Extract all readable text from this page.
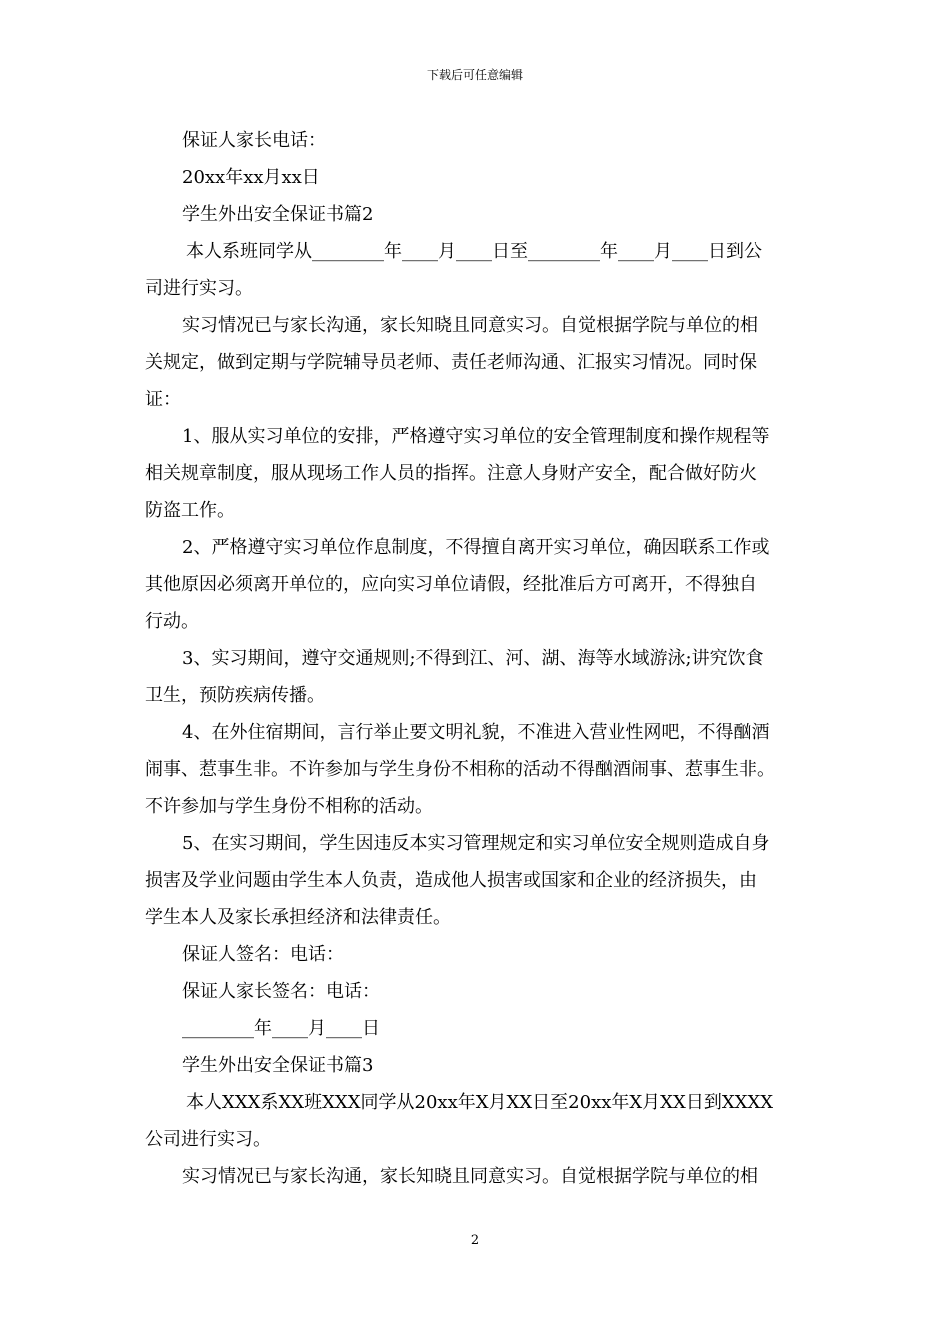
下载后可任意编辑
保证人家长电话：
20xx年xx月xx日
学生外出安全保证书篇2
本人系班同学从________年____月____日至________年____月____日到公
司进行实习。
实习情况已与家长沟通，家长知晓且同意实习。自觉根据学院与单位的相
关规定，做到定期与学院辅导员老师、责任老师沟通、汇报实习情况。同时保
证：
1、服从实习单位的安排，严格遵守实习单位的安全管理制度和操作规程等
相关规章制度，服从现场工作人员的指挥。注意人身财产安全，配合做好防火
防盗工作。
2、严格遵守实习单位作息制度，不得擅自离开实习单位，确因联系工作或
其他原因必须离开单位的，应向实习单位请假，经批准后方可离开，不得独自
行动。
3、实习期间，遵守交通规则;不得到江、河、湖、海等水域游泳;讲究饮食
卫生，预防疾病传播。
4、在外住宿期间，言行举止要文明礼貌，不准进入营业性网吧，不得酗酒
闹事、惹事生非。不许参加与学生身份不相称的活动不得酗酒闹事、惹事生非。
不许参加与学生身份不相称的活动。
5、在实习期间，学生因违反本实习管理规定和实习单位安全规则造成自身
损害及学业问题由学生本人负责，造成他人损害或国家和企业的经济损失，由
学生本人及家长承担经济和法律责任。
保证人签名：电话：
保证人家长签名：电话：
________年____月____日
学生外出安全保证书篇3
本人XXX系XX班XXX同学从20xx年X月XX日至20xx年X月XX日到XXXX
公司进行实习。
实习情况已与家长沟通，家长知晓且同意实习。自觉根据学院与单位的相
2
